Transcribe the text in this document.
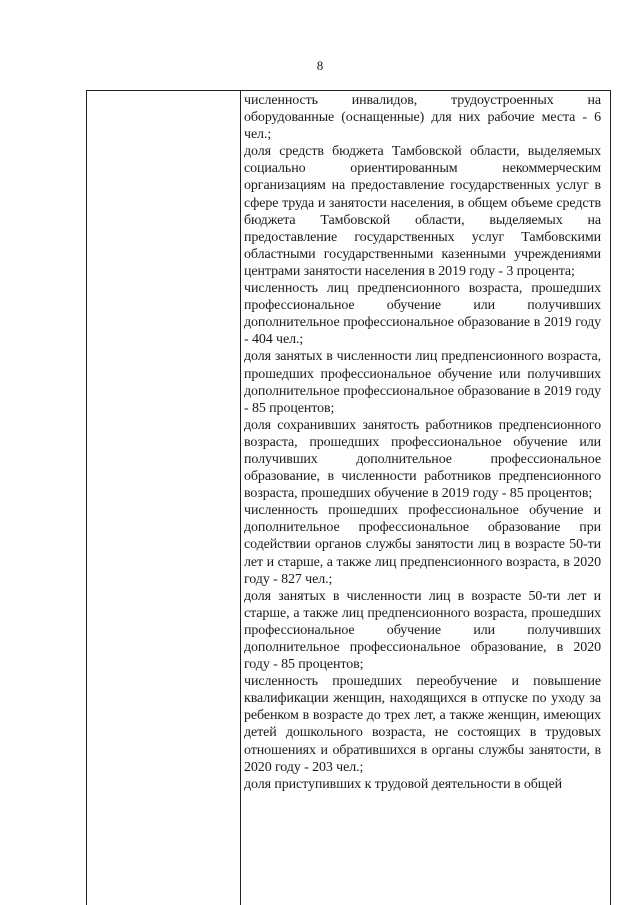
8

численность инвалидов, трудоустроенных на оборудованные (оснащенные) для них рабочие места - 6 чел.;

доля средств бюджета Тамбовской области, выделяемых социально ориентированным некоммерческим организациям на предоставление государственных услуг в сфере труда и занятости населения, в общем объеме средств бюджета Тамбовской области, выделяемых на предоставление государственных услуг Тамбовскими областными государственными казенными учреждениями центрами занятости населения в 2019 году - 3 процента;

численность лиц предпенсионного возраста, прошедших профессиональное обучение или получивших дополнительное профессиональное образование в 2019 году - 404 чел.;

доля занятых в численности лиц предпенсионного возраста, прошедших профессиональное обучение или получивших дополнительное профессиональное образование в 2019 году - 85 процентов;

доля сохранивших занятость работников предпенсионного возраста, прошедших профессиональное обучение или получивших дополнительное профессиональное образование, в численности работников предпенсионного возраста, прошедших обучение в 2019 году - 85 процентов;

численность прошедших профессиональное обучение и дополнительное профессиональное образование при содействии органов службы занятости лиц в возрасте 50-ти лет и старше, а также лиц предпенсионного возраста, в 2020 году - 827 чел.;

доля занятых в численности лиц в возрасте 50-ти лет и старше, а также лиц предпенсионного возраста, прошедших профессиональное обучение или получивших дополнительное профессиональное образование, в 2020 году - 85 процентов;

численность прошедших переобучение и повышение квалификации женщин, находящихся в отпуске по уходу за ребенком в возрасте до трех лет, а также женщин, имеющих детей дошкольного возраста, не состоящих в трудовых отношениях и обратившихся в органы службы занятости, в 2020 году - 203 чел.;

доля приступивших к трудовой деятельности в общей
